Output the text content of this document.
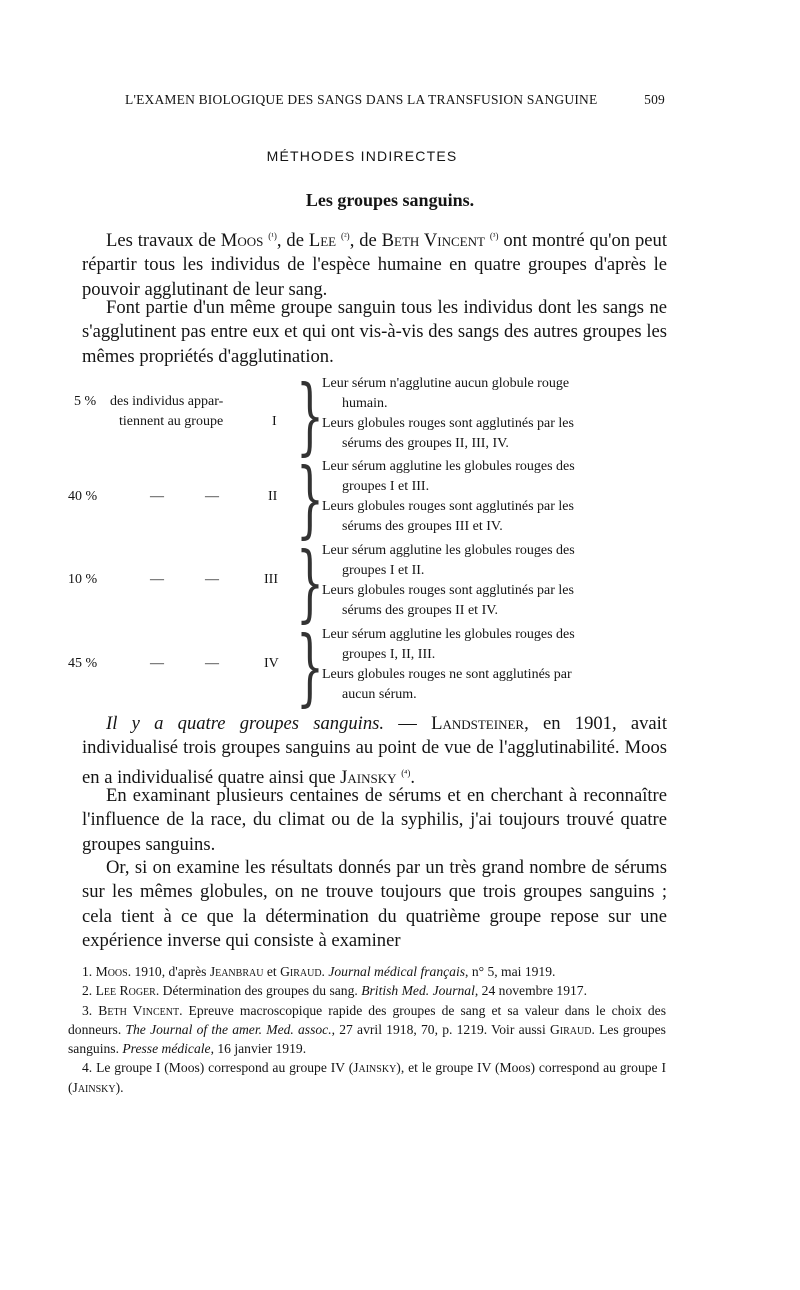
L'EXAMEN BIOLOGIQUE DES SANGS DANS LA TRANSFUSION SANGUINE	509
MÉTHODES INDIRECTES
Les groupes sanguins.

Les travaux de Moos $^{(^1)}$, de Lee $^{(^2)}$, de Beth Vincent $^{(^3)}$ ont montré qu'on peut répartir tous les individus de l'espèce humaine en quatre groupes d'après le pouvoir agglutinant de leur sang.

Font partie d'un même groupe sanguin tous les individus dont les sangs ne s'agglutinent pas entre eux et qui ont vis-à-vis des sangs des autres groupes les mêmes propriétés d'agglutination.

5 % des individus appar-
tiennent au groupe	I }
Leur sérum n'agglutine aucun globule rouge
humain.
Leurs globules rouges sont agglutinés par les
sérums des groupes II, III, IV.
40 %	—	—	II }
Leur sérum agglutine les globules rouges des
groupes I et III.
Leurs globules rouges sont agglutinés par les
sérums des groupes III et IV.
10 %	—	—	III }
Leur sérum agglutine les globules rouges des
groupes I et II.
Leurs globules rouges sont agglutinés par les
sérums des groupes II et IV.
45 %	—	—	IV }
Leur sérum agglutine les globules rouges des
groupes I, II, III.
Leurs globules rouges ne sont agglutinés par
aucun sérum.

Il y a quatre groupes sanguins. — Landsteiner, en 1901, avait individualisé trois groupes sanguins au point de vue de l'agglutinabilité. Moos en a individualisé quatre ainsi que Jainsky $^{(^4)}$.

En examinant plusieurs centaines de sérums et en cherchant à reconnaître l'influence de la race, du climat ou de la syphilis, j'ai toujours trouvé quatre groupes sanguins.

Or, si on examine les résultats donnés par un très grand nombre de sérums sur les mêmes globules, on ne trouve toujours que trois groupes sanguins ; cela tient à ce que la détermination du quatrième groupe repose sur une expérience inverse qui consiste à examiner

1. Moos. 1910, d'après Jeanbrau et Giraud. Journal médical français, n° 5, mai 1919.

2. Lee Roger. Détermination des groupes du sang. British Med. Journal, 24 novembre 1917.

3. Beth Vincent. Epreuve macroscopique rapide des groupes de sang et sa valeur dans le choix des donneurs. The Journal of the amer. Med. assoc., 27 avril 1918, 70, p. 1219. Voir aussi Giraud. Les groupes sanguins. Presse médicale, 16 janvier 1919.

4. Le groupe I (Moos) correspond au groupe IV (Jainsky), et le groupe IV (Moos) correspond au groupe I (Jainsky).
